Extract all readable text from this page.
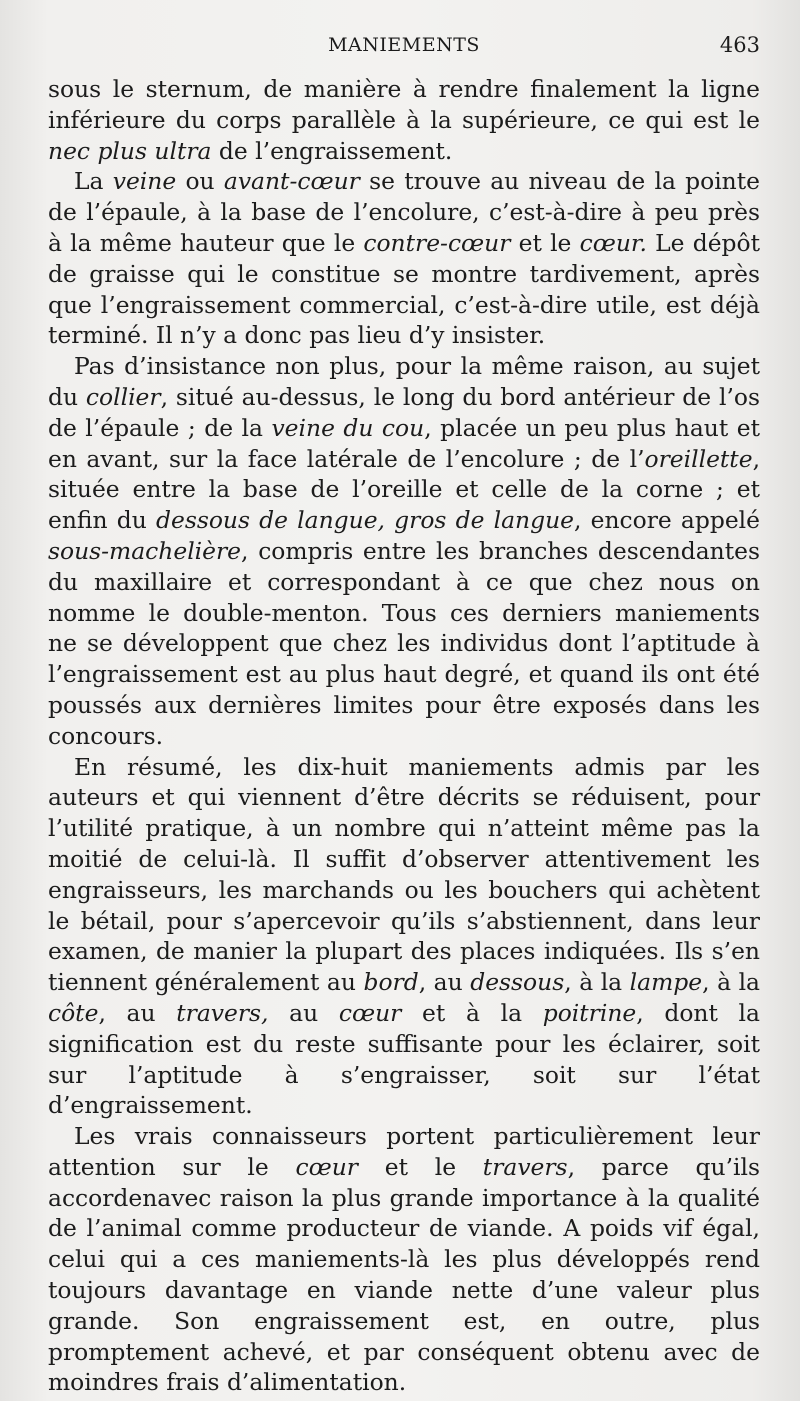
MANIEMENTS	463

sous le sternum, de manière à rendre finalement la ligne inférieure du corps parallèle à la supérieure, ce qui est le nec plus ultra de l’engraissement.

La veine ou avant-cœur se trouve au niveau de la pointe de l’épaule, à la base de l’encolure, c’est-à-dire à peu près à la même hauteur que le contre-cœur et le cœur. Le dépôt de graisse qui le constitue se montre tardivement, après que l’engraissement commercial, c’est-à-dire utile, est déjà terminé. Il n’y a donc pas lieu d’y insister.

Pas d’insistance non plus, pour la même raison, au sujet du collier, situé au-dessus, le long du bord antérieur de l’os de l’épaule ; de la veine du cou, placée un peu plus haut et en avant, sur la face latérale de l’encolure ; de l’oreillette, située entre la base de l’oreille et celle de la corne ; et enfin du dessous de langue, gros de langue, encore appelé sous-machelière, compris entre les branches descendantes du maxillaire et correspondant à ce que chez nous on nomme le double-menton. Tous ces derniers maniements ne se développent que chez les individus dont l’aptitude à l’engraissement est au plus haut degré, et quand ils ont été poussés aux dernières limites pour être exposés dans les concours.

En résumé, les dix-huit maniements admis par les auteurs et qui viennent d’être décrits se réduisent, pour l’utilité pratique, à un nombre qui n’atteint même pas la moitié de celui-là. Il suffit d’observer attentivement les engraisseurs, les marchands ou les bouchers qui achètent le bétail, pour s’apercevoir qu’ils s’abstiennent, dans leur examen, de manier la plupart des places indiquées. Ils s’en tiennent généralement au bord, au dessous, à la lampe, à la côte, au travers, au cœur et à la poitrine, dont la signification est du reste suffisante pour les éclairer, soit sur l’aptitude à s’engraisser, soit sur l’état d’engraissement.

Les vrais connaisseurs portent particulièrement leur attention sur le cœur et le travers, parce qu’ils accordenavec raison la plus grande importance à la qualité de l’animal comme producteur de viande. A poids vif égal, celui qui a ces maniements-là les plus développés rend toujours davantage en viande nette d’une valeur plus grande. Son engraissement est, en outre, plus promptement achevé, et par conséquent obtenu avec de moindres frais d’alimentation.
